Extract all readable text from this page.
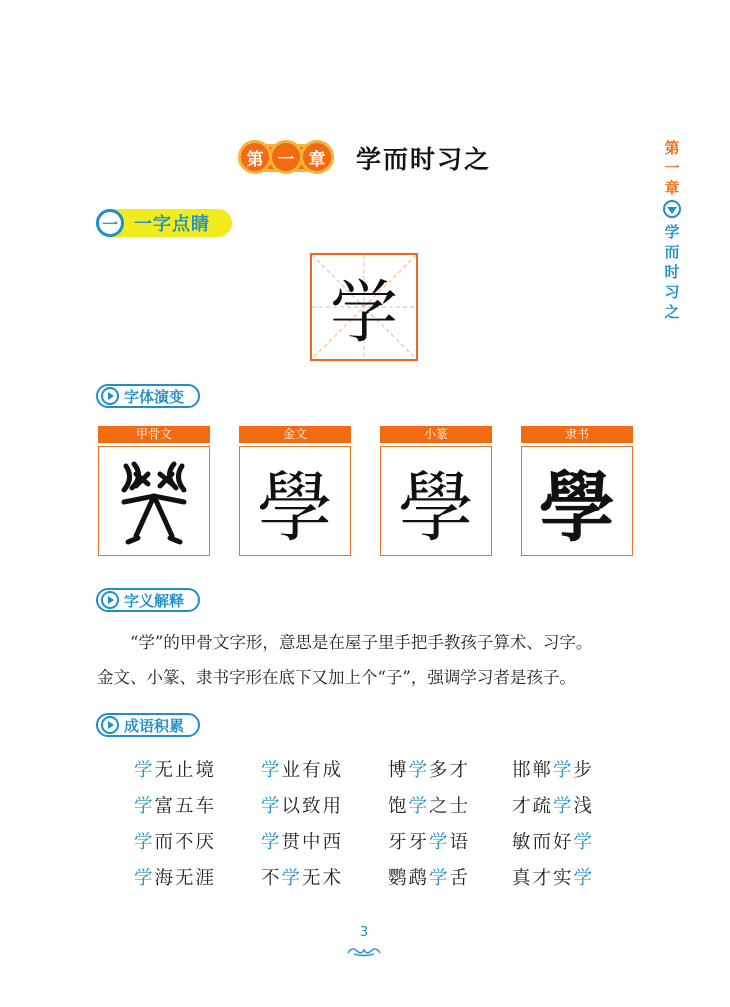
第 一 章	学而时习之	第
一
章
学
而
时
习
之
一 一字点睛
学
字体演变
甲骨文	金文
學
小篆
學
隶书
學
字义解释

“学”的甲骨文字形，意思是在屋子里手把手教孩子算术、习字。

金文、小篆、隶书字形在底下又加上个“子”，强调学习者是孩子。

成语积累
学无止境 学业有成 博学多才 邯郸学步
学富五车 学以致用 饱学之士 才疏学浅
学而不厌 学贯中西 牙牙学语 敏而好学
学海无涯 不学无术 鹦鹉学舌 真才实学
3
